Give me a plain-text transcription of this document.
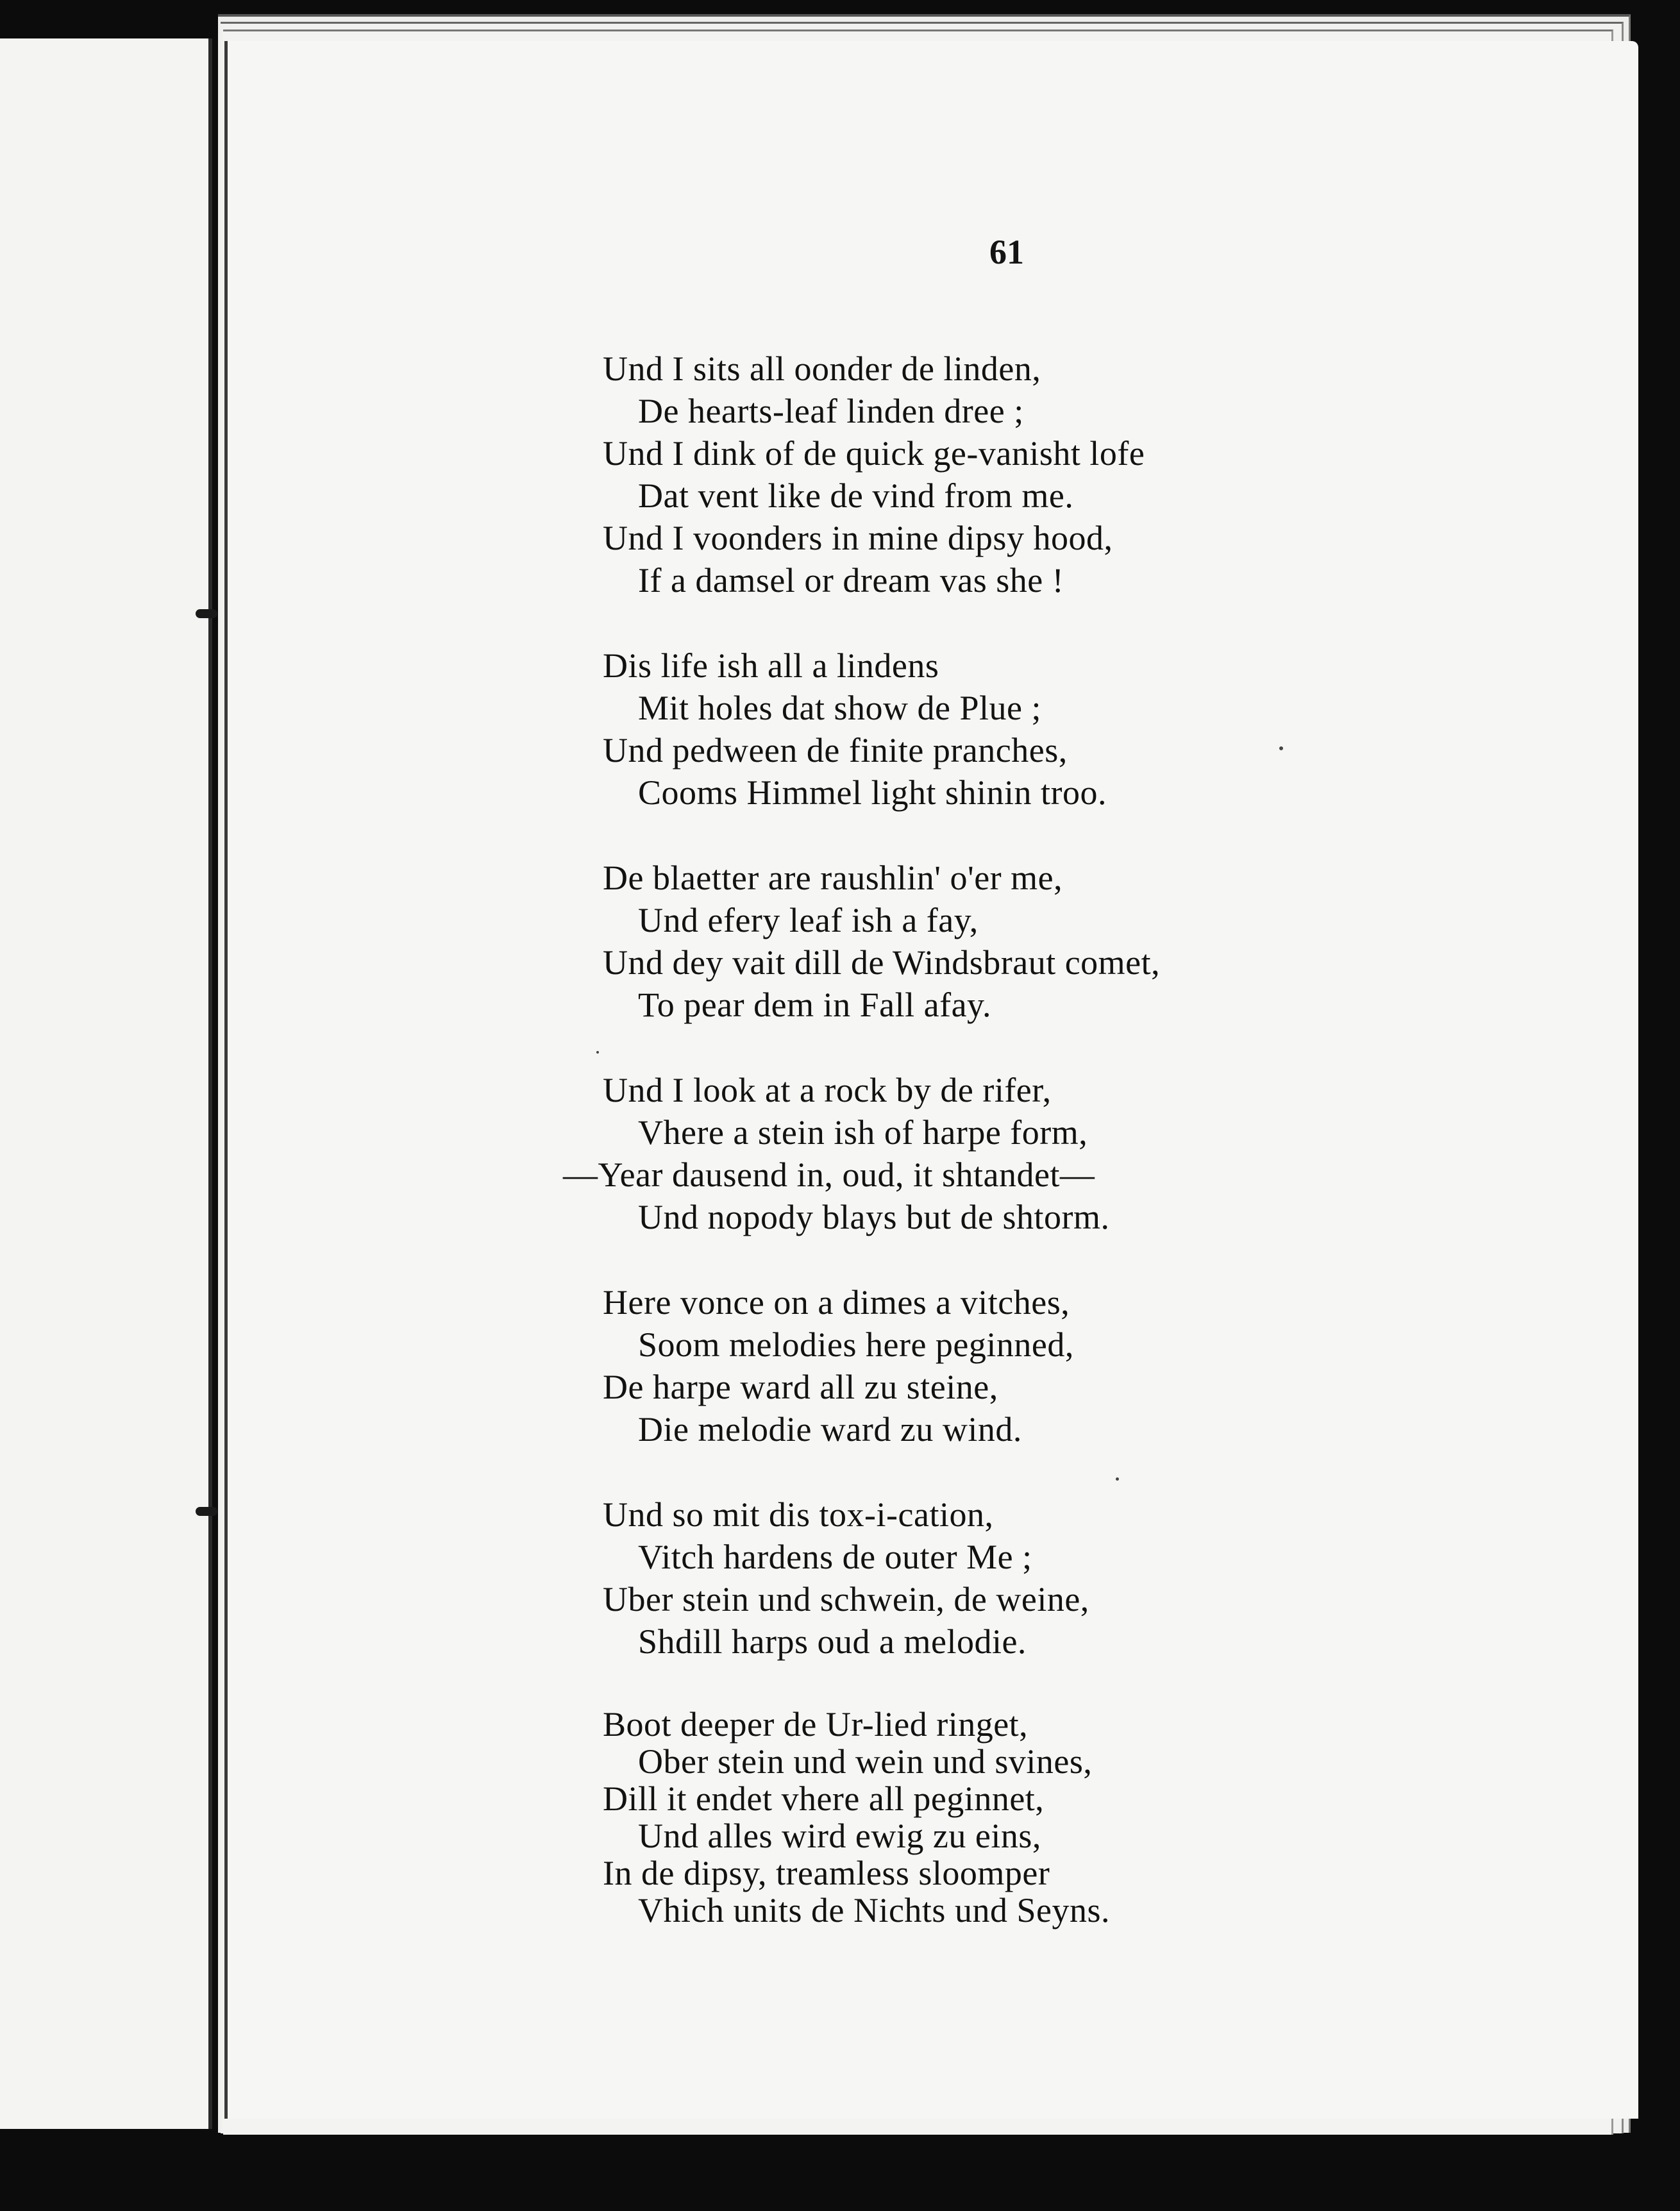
61
Und I sits all oonder de linden,
De hearts-leaf linden dree ;
Und I dink of de quick ge-vanisht lofe
Dat vent like de vind from me.
Und I voonders in mine dipsy hood,
If a damsel or dream vas she !
Dis life ish all a lindens
Mit holes dat show de Plue ;
Und pedween de finite pranches,
Cooms Himmel light shinin troo.
De blaetter are raushlin' o'er me,
Und efery leaf ish a fay,
Und dey vait dill de Windsbraut comet,
To pear dem in Fall afay.
Und I look at a rock by de rifer,
Vhere a stein ish of harpe form,
—Year dausend in, oud, it shtandet—
Und nopody blays but de shtorm.
Here vonce on a dimes a vitches,
Soom melodies here peginned,
De harpe ward all zu steine,
Die melodie ward zu wind.
Und so mit dis tox-i-cation,
Vitch hardens de outer Me ;
Uber stein und schwein, de weine,
Shdill harps oud a melodie.
Boot deeper de Ur-lied ringet,
Ober stein und wein und svines,
Dill it endet vhere all peginnet,
Und alles wird ewig zu eins,
In de dipsy, treamless sloomper
Vhich units de Nichts und Seyns.
